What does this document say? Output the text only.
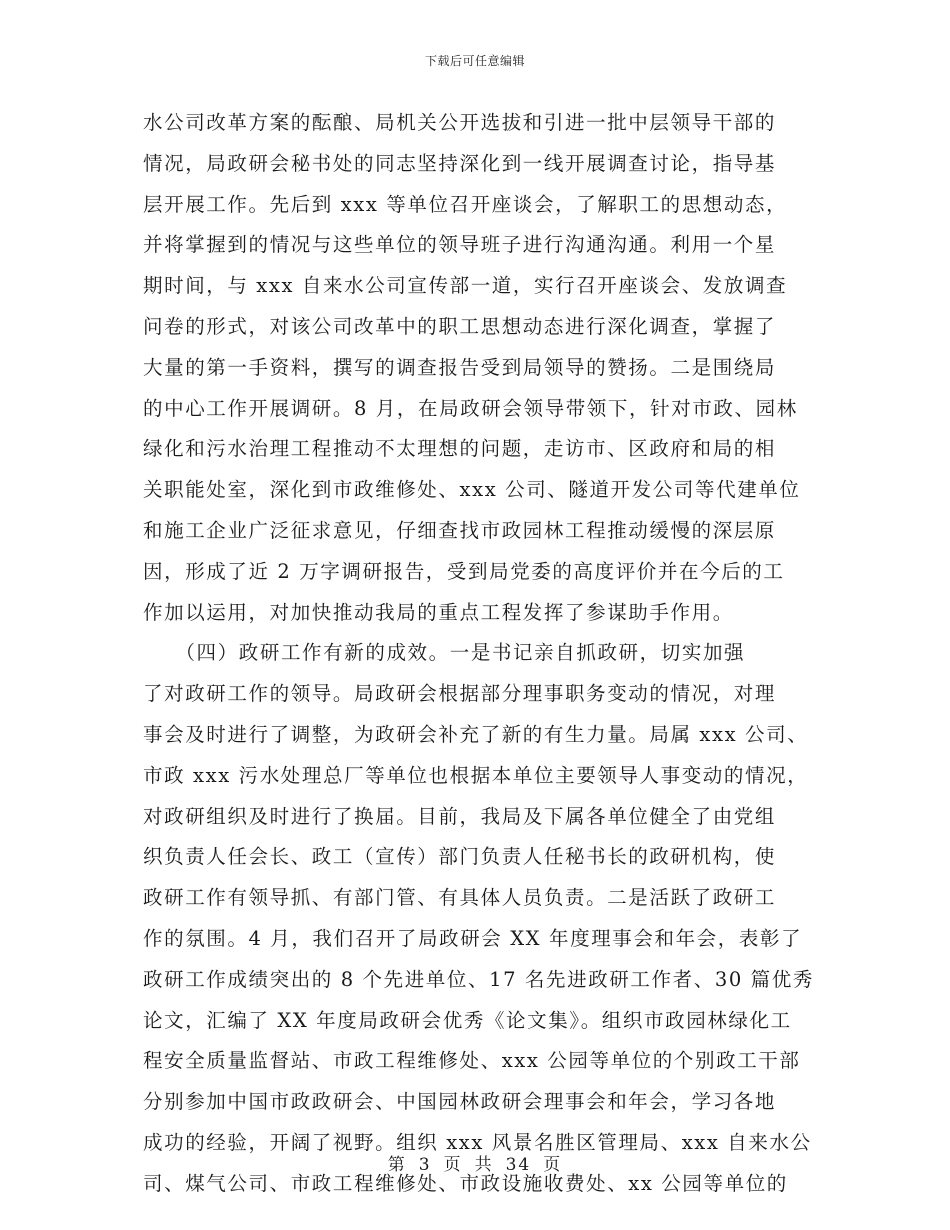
下载后可任意编辑
水公司改革方案的酝酿、局机关公开选拔和引进一批中层领导干部的
情况，局政研会秘书处的同志坚持深化到一线开展调查讨论，指导基
层开展工作。先后到 xxx 等单位召开座谈会，了解职工的思想动态，
并将掌握到的情况与这些单位的领导班子进行沟通沟通。利用一个星
期时间，与 xxx 自来水公司宣传部一道，实行召开座谈会、发放调查
问卷的形式，对该公司改革中的职工思想动态进行深化调查，掌握了
大量的第一手资料，撰写的调查报告受到局领导的赞扬。二是围绕局
的中心工作开展调研。8 月，在局政研会领导带领下，针对市政、园林
绿化和污水治理工程推动不太理想的问题，走访市、区政府和局的相
关职能处室，深化到市政维修处、xxx 公司、隧道开发公司等代建单位
和施工企业广泛征求意见，仔细查找市政园林工程推动缓慢的深层原
因，形成了近 2 万字调研报告，受到局党委的高度评价并在今后的工
作加以运用，对加快推动我局的重点工程发挥了参谋助手作用。
　　（四）政研工作有新的成效。一是书记亲自抓政研，切实加强
了对政研工作的领导。局政研会根据部分理事职务变动的情况，对理
事会及时进行了调整，为政研会补充了新的有生力量。局属 xxx 公司、
市政 xxx 污水处理总厂等单位也根据本单位主要领导人事变动的情况，
对政研组织及时进行了换届。目前，我局及下属各单位健全了由党组
织负责人任会长、政工（宣传）部门负责人任秘书长的政研机构，使
政研工作有领导抓、有部门管、有具体人员负责。二是活跃了政研工
作的氛围。4 月，我们召开了局政研会 XX 年度理事会和年会，表彰了
政研工作成绩突出的 8 个先进单位、17 名先进政研工作者、30 篇优秀
论文，汇编了 XX 年度局政研会优秀《论文集》。组织市政园林绿化工
程安全质量监督站、市政工程维修处、xxx 公园等单位的个别政工干部
分别参加中国市政政研会、中国园林政研会理事会和年会，学习各地
成功的经验，开阔了视野。组织 xxx 风景名胜区管理局、xxx 自来水公
司、煤气公司、市政工程维修处、市政设施收费处、xx 公园等单位的
第 3 页 共 34 页
